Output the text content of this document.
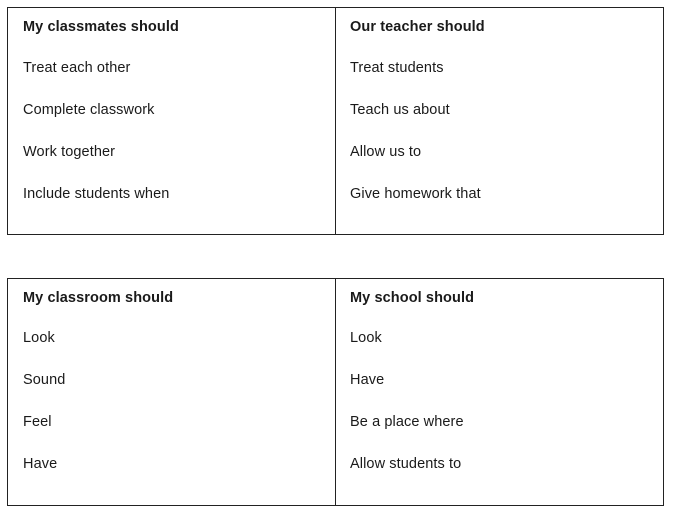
My classmates should
Treat each other
Complete classwork
Work together
Include students when
Our teacher should
Treat students
Teach us about
Allow us to
Give homework that
My classroom should
Look
Sound
Feel
Have
My school should
Look
Have
Be a place where
Allow students to
